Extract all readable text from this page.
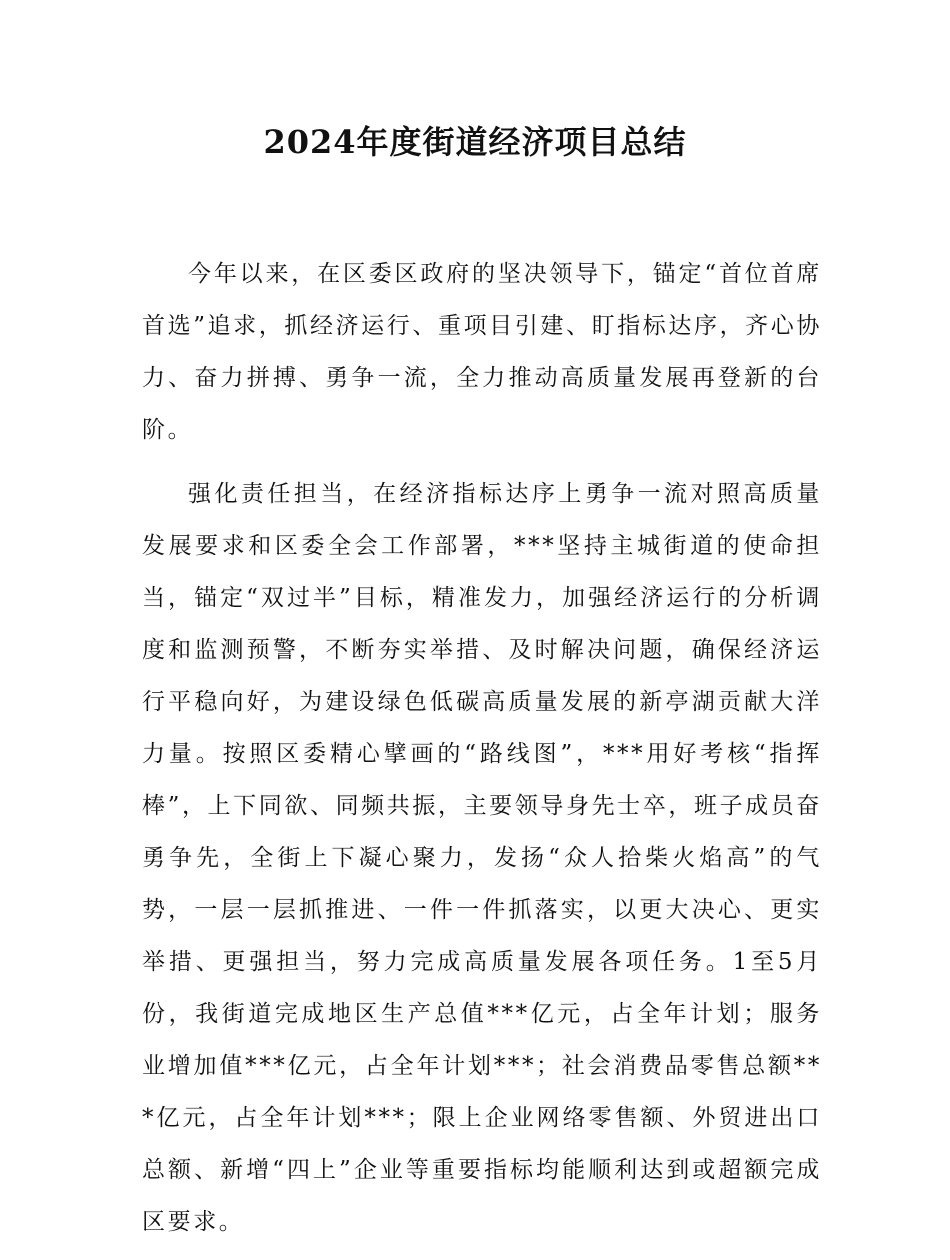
2024年度街道经济项目总结

今年以来，在区委区政府的坚决领导下，锚定“首位首席首选”追求，抓经济运行、重项目引建、盯指标达序，齐心协力、奋力拼搏、勇争一流，全力推动高质量发展再登新的台阶。

强化责任担当，在经济指标达序上勇争一流对照高质量发展要求和区委全会工作部署，***坚持主城街道的使命担当，锚定“双过半”目标，精准发力，加强经济运行的分析调度和监测预警，不断夯实举措、及时解决问题，确保经济运行平稳向好，为建设绿色低碳高质量发展的新亭湖贡献大洋力量。按照区委精心擘画的“路线图”，***用好考核“指挥棒”，上下同欲、同频共振，主要领导身先士卒，班子成员奋勇争先，全街上下凝心聚力，发扬“众人拾柴火焰高”的气势，一层一层抓推进、一件一件抓落实，以更大决心、更实举措、更强担当，努力完成高质量发展各项任务。1至5月份，我街道完成地区生产总值***亿元，占全年计划；服务业增加值***亿元，占全年计划***；社会消费品零售总额***亿元，占全年计划***；限上企业网络零售额、外贸进出口总额、新增“四上”企业等重要指标均能顺利达到或超额完成区要求。
